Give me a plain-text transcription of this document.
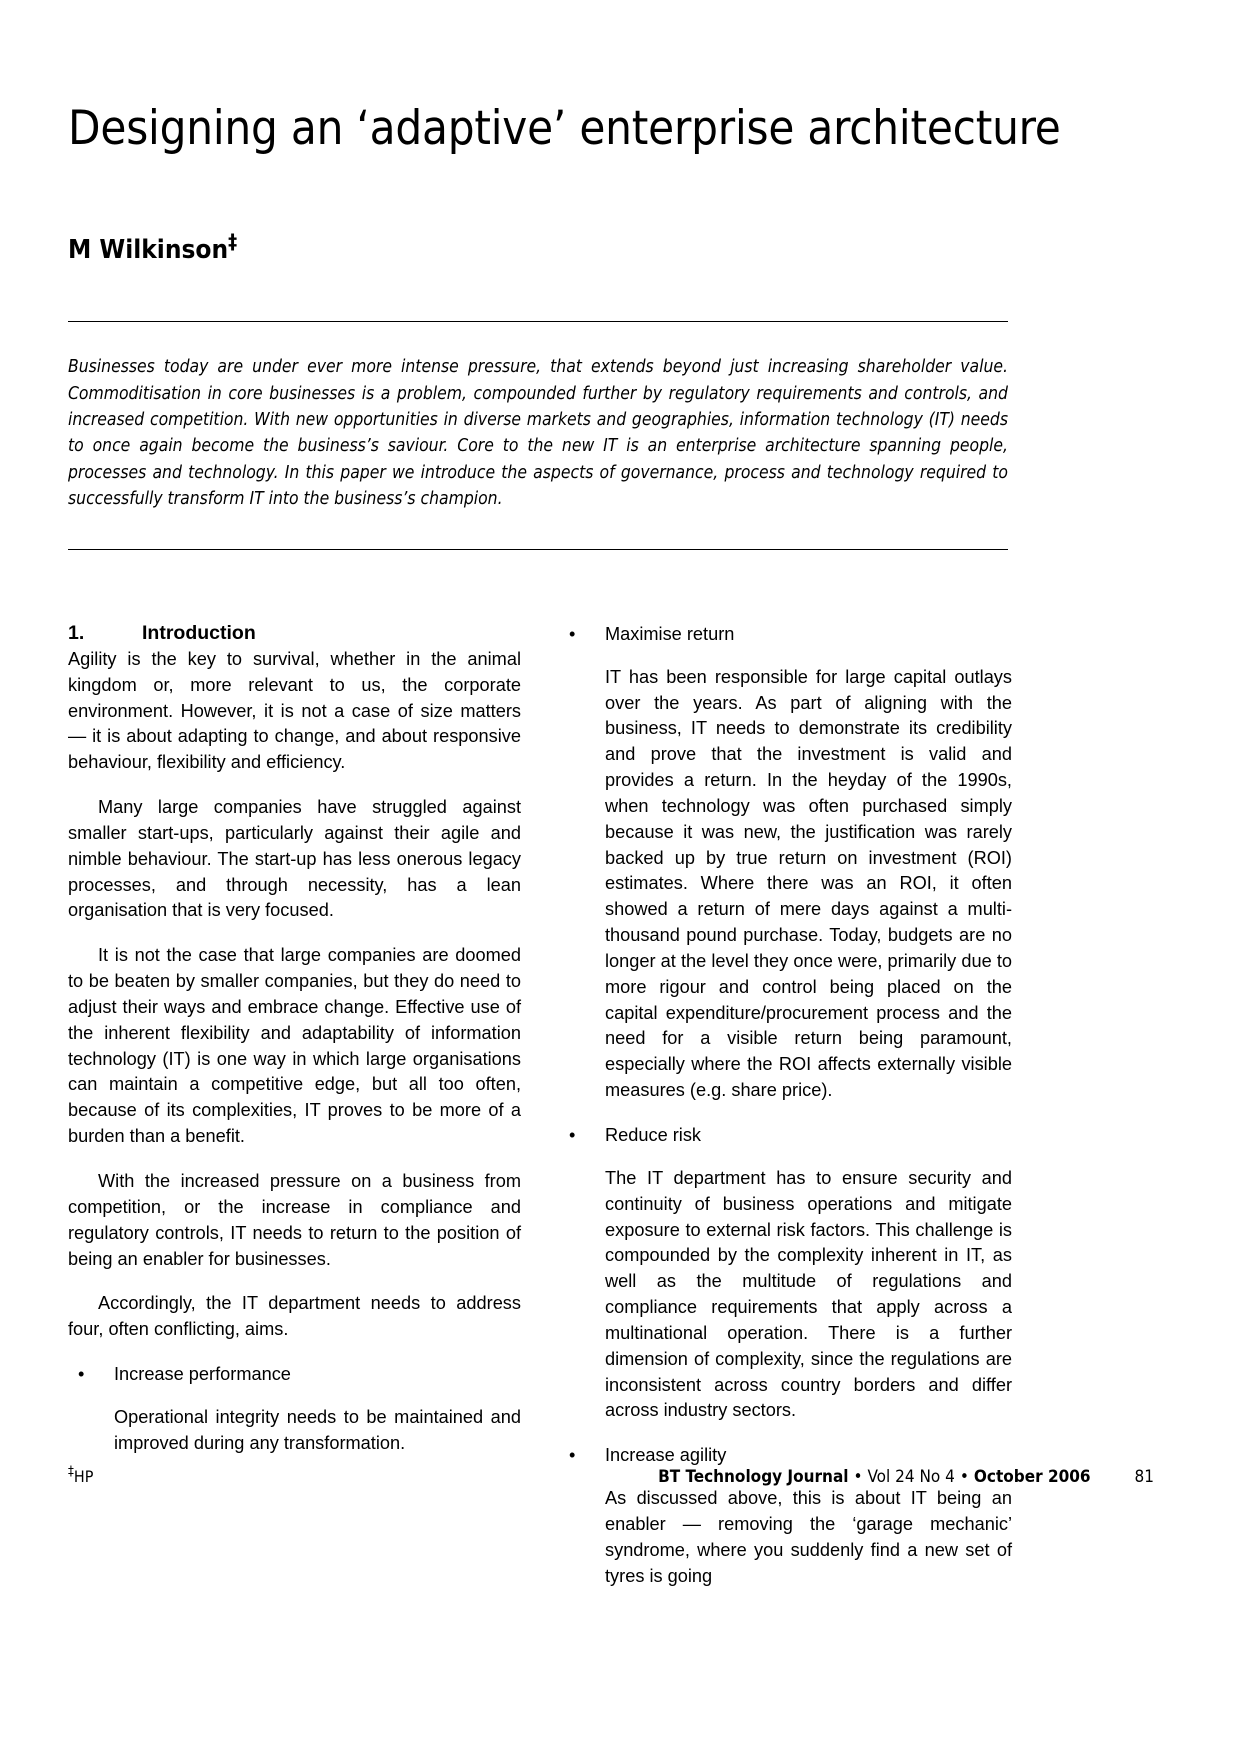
Designing an ‘adaptive’ enterprise architecture
M Wilkinson‡

Businesses today are under ever more intense pressure, that extends beyond just increasing shareholder value. Commoditisation in core businesses is a problem, compounded further by regulatory requirements and controls, and increased competition. With new opportunities in diverse markets and geographies, information technology (IT) needs to once again become the business’s saviour. Core to the new IT is an enterprise architecture spanning people, processes and technology. In this paper we introduce the aspects of governance, process and technology required to successfully transform IT into the business’s champion.

1.	Introduction

Agility is the key to survival, whether in the animal kingdom or, more relevant to us, the corporate environment. However, it is not a case of size matters — it is about adapting to change, and about responsive behaviour, flexibility and efficiency.

Many large companies have struggled against smaller start-ups, particularly against their agile and nimble behaviour. The start-up has less onerous legacy processes, and through necessity, has a lean organisation that is very focused.

It is not the case that large companies are doomed to be beaten by smaller companies, but they do need to adjust their ways and embrace change. Effective use of the inherent flexibility and adaptability of information technology (IT) is one way in which large organisations can maintain a competitive edge, but all too often, because of its complexities, IT proves to be more of a burden than a benefit.

With the increased pressure on a business from competition, or the increase in compliance and regulatory controls, IT needs to return to the position of being an enabler for businesses.

Accordingly, the IT department needs to address four, often conflicting, aims.

•	Increase performance
Operational integrity needs to be maintained and improved during any transformation.
•	Maximise return
IT has been responsible for large capital outlays over the years. As part of aligning with the business, IT needs to demonstrate its credibility and prove that the investment is valid and provides a return. In the heyday of the 1990s, when technology was often purchased simply because it was new, the justification was rarely backed up by true return on investment (ROI) estimates. Where there was an ROI, it often showed a return of mere days against a multi-thousand pound purchase. Today, budgets are no longer at the level they once were, primarily due to more rigour and control being placed on the capital expenditure/procurement process and the need for a visible return being paramount, especially where the ROI affects externally visible measures (e.g. share price).
•	Reduce risk
The IT department has to ensure security and continuity of business operations and mitigate exposure to external risk factors. This challenge is compounded by the complexity inherent in IT, as well as the multitude of regulations and compliance requirements that apply across a multinational operation. There is a further dimension of complexity, since the regulations are inconsistent across country borders and differ across industry sectors.
•	Increase agility
As discussed above, this is about IT being an enabler — removing the ‘garage mechanic’ syndrome, where you suddenly find a new set of tyres is going
‡HP	BT Technology Journal • Vol 24 No 4 • October 2006	81
